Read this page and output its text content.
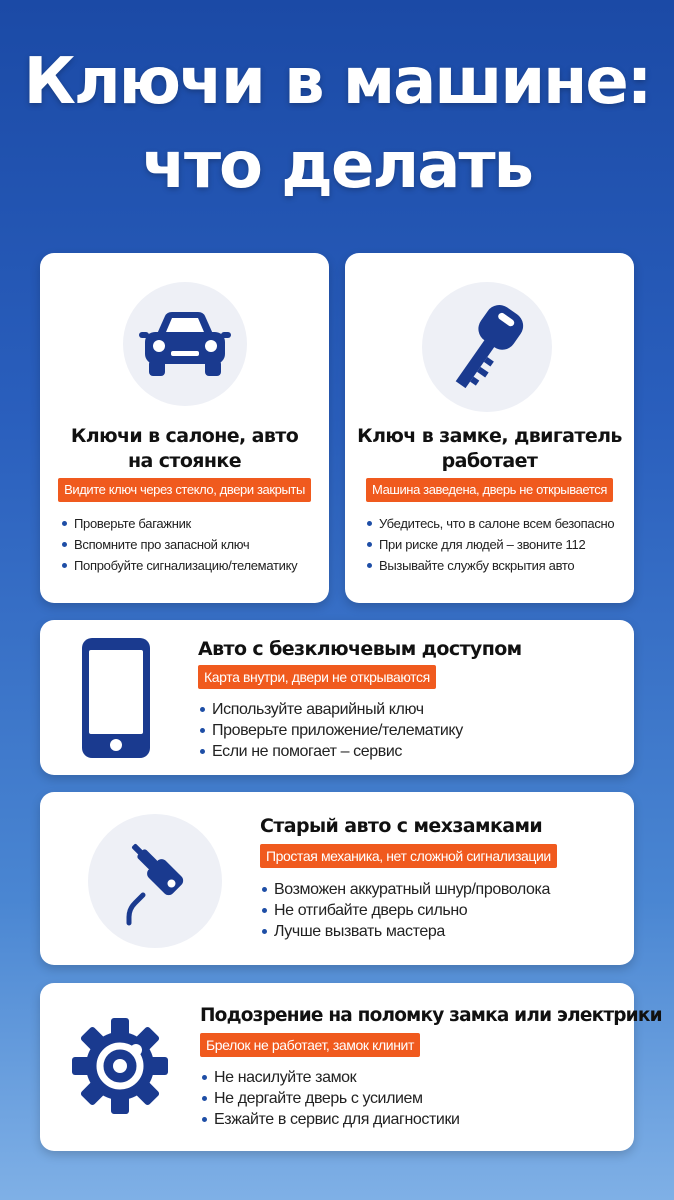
Ключи в машине:
что делать
Ключи в салоне, авто
на стоянке
Видите ключ через стекло, двери закрыты
Проверьте багажник
Вспомните про запасной ключ
Попробуйте сигнализацию/телематику
Ключ в замке, двигатель
работает
Машина заведена, дверь не открывается
Убедитесь, что в салоне всем безопасно
При риске для людей – звоните 112
Вызывайте службу вскрытия авто
Авто с безключевым доступом
Карта внутри, двери не открываются
Используйте аварийный ключ
Проверьте приложение/телематику
Если не помогает – сервис
Старый авто с мехзамками
Простая механика, нет сложной сигнализации
Возможен аккуратный шнур/проволока
Не отгибайте дверь сильно
Лучше вызвать мастера
Подозрение на поломку замка или электрики
Брелок не работает, замок клинит
Не насилуйте замок
Не дергайте дверь с усилием
Езжайте в сервис для диагностики
